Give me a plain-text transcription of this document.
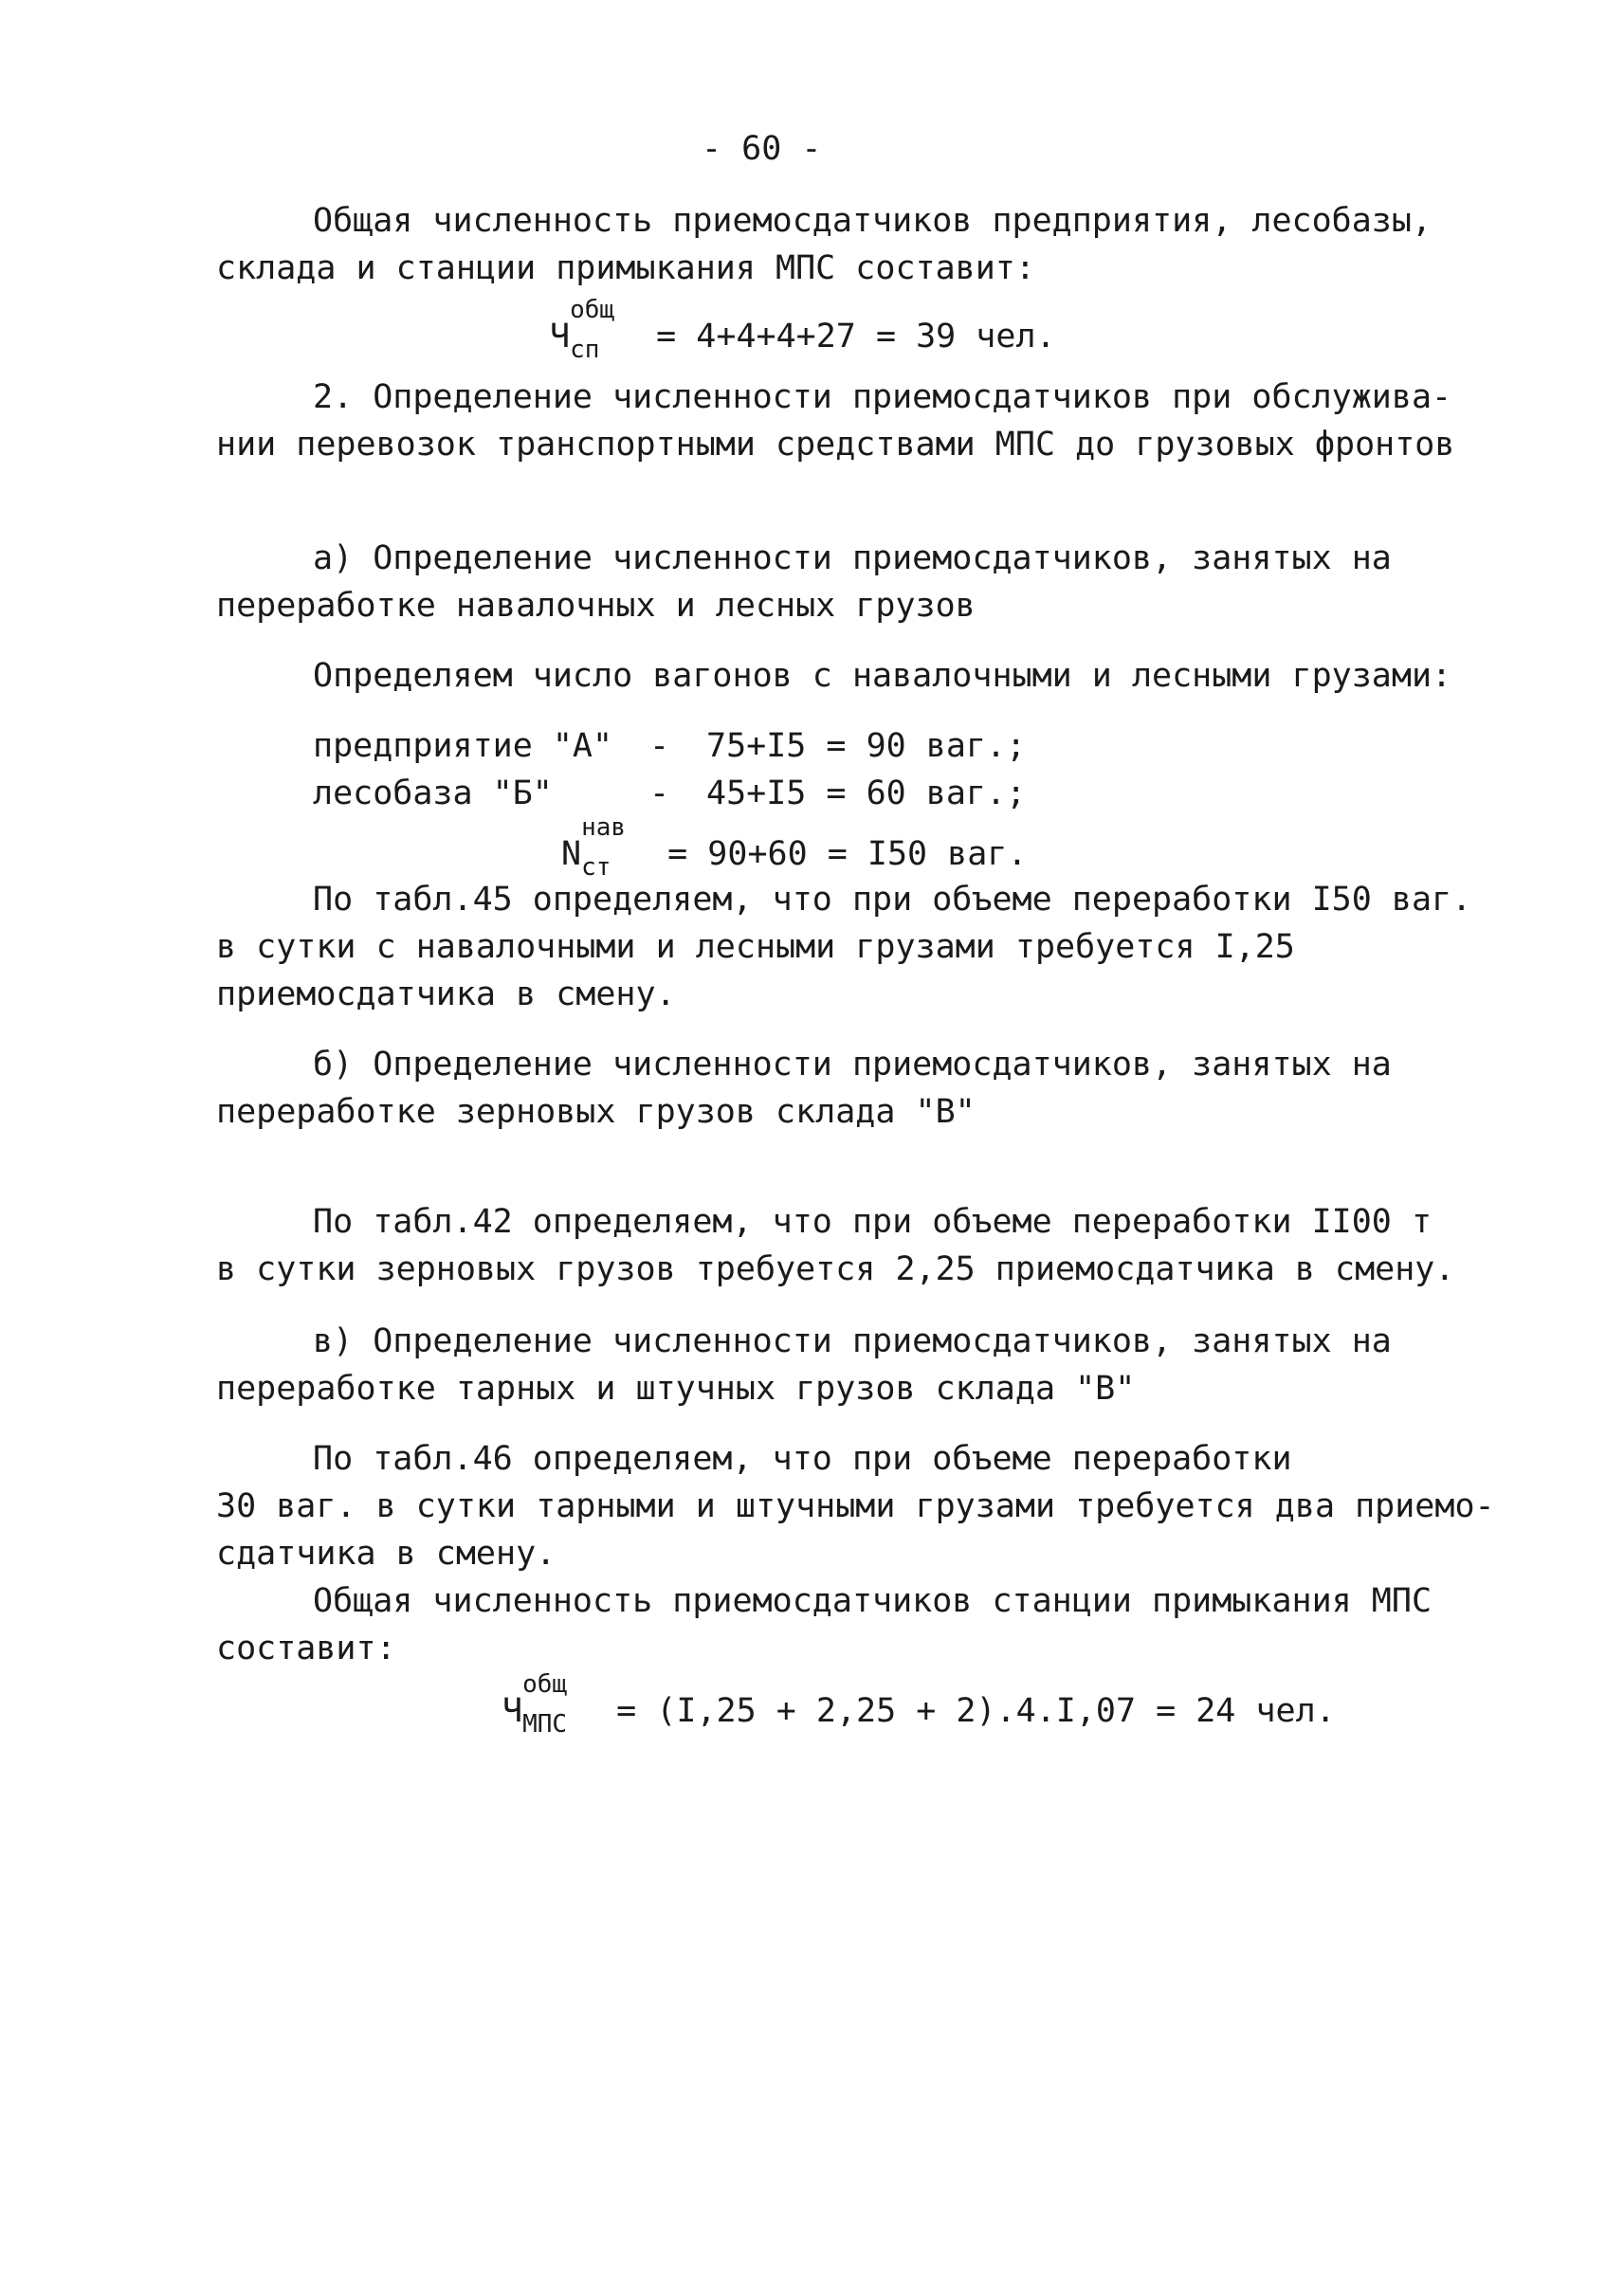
- 60 -
Общая численность приемосдатчиков предприятия, лесобазы,
склада и станции примыкания МПС составит:
Ч
общ
сп = 4+4+4+27 = 39 чел.
2. Определение численности приемосдатчиков при обслужива-
нии перевозок транспортными средствами МПС до грузовых фронтов
а) Определение численности приемосдатчиков, занятых на
переработке навалочных и лесных грузов
Определяем число вагонов с навалочными и лесными грузами:
предприятие "А" - 75+I5 = 90 ваг.;
лесобаза "Б"	- 45+I5 = 60 ваг.;
N
нав
ст = 90+60 = I50 ваг.
По табл.45 определяем, что при объеме переработки I50 ваг.
в сутки с навалочными и лесными грузами требуется I,25
приемосдатчика в смену.
б) Определение численности приемосдатчиков, занятых на
переработке зерновых грузов склада "В"
По табл.42 определяем, что при объеме переработки II00 т
в сутки зерновых грузов требуется 2,25 приемосдатчика в смену.
в) Определение численности приемосдатчиков, занятых на
переработке тарных и штучных грузов склада "В"
По табл.46 определяем, что при объеме переработки
30 ваг. в сутки тарными и штучными грузами требуется два приемо-
сдатчика в смену.
Общая численность приемосдатчиков станции примыкания МПС
составит:
Ч
общ
МПС = (I,25 + 2,25 + 2).4.I,07 = 24 чел.
